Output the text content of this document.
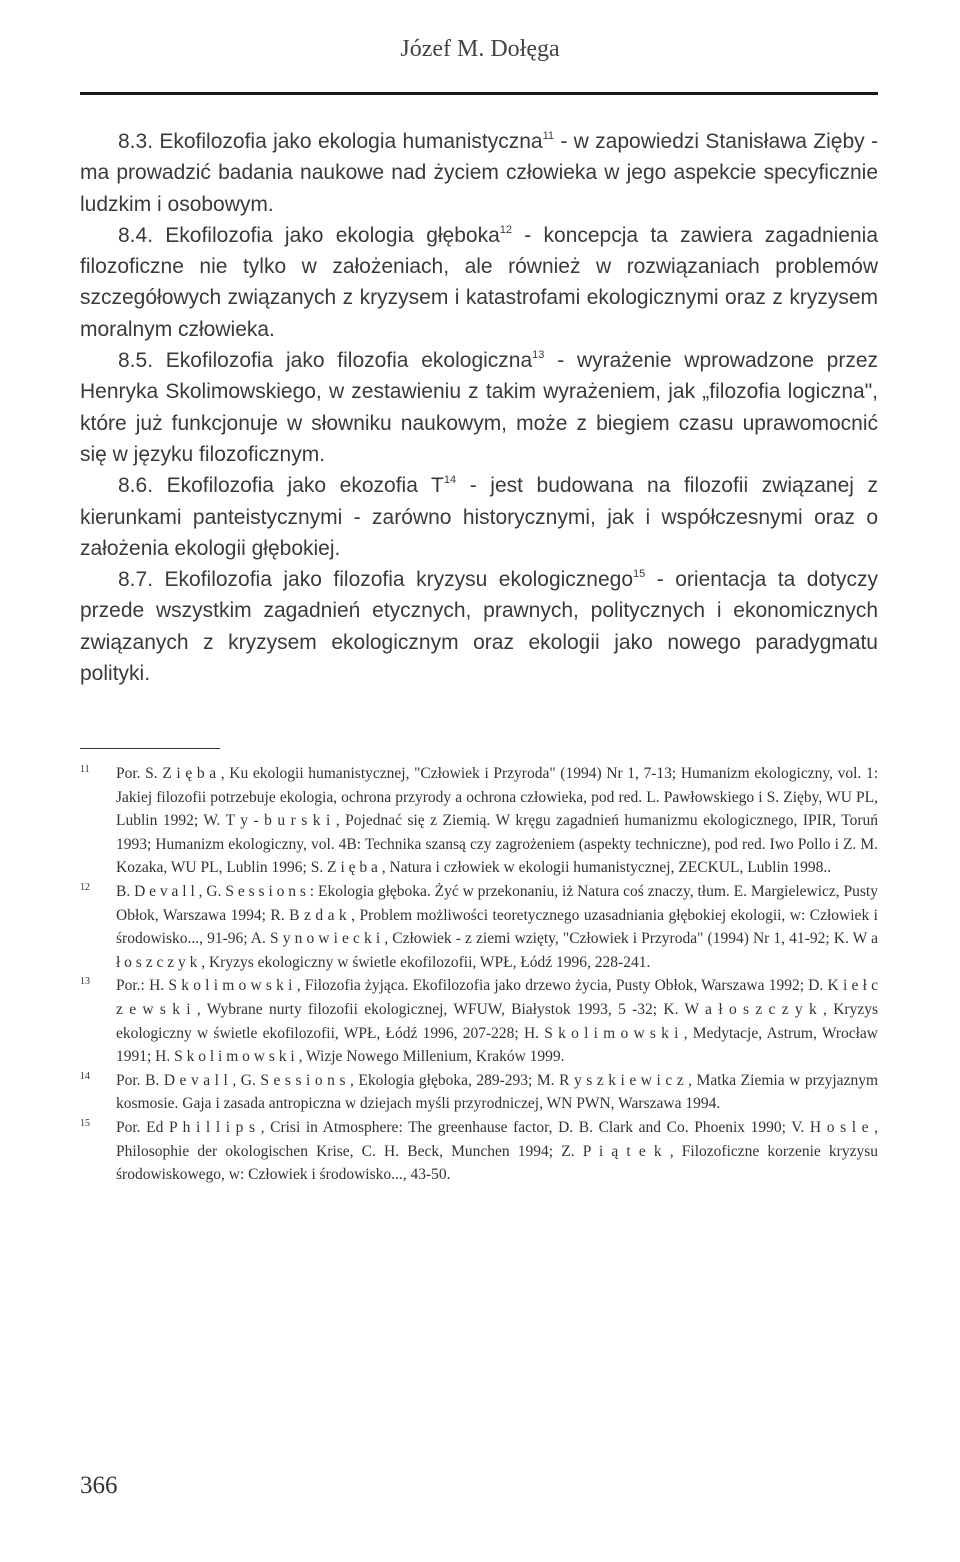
Józef M. Dołęga

8.3. Ekofilozofia jako ekologia humanistyczna$^{11}$ - w zapowiedzi Stanisława Zięby - ma prowadzić badania naukowe nad życiem człowieka w jego aspekcie specyficznie ludzkim i osobowym.

8.4. Ekofilozofia jako ekologia głęboka$^{12}$ - koncepcja ta zawiera zagadnienia filozoficzne nie tylko w założeniach, ale również w rozwiązaniach problemów szczegółowych związanych z kryzysem i katastrofami ekologicznymi oraz z kryzysem moralnym człowieka.

8.5. Ekofilozofia jako filozofia ekologiczna$^{13}$ - wyrażenie wprowadzone przez Henryka Skolimowskiego, w zestawieniu z takim wyrażeniem, jak „filozofia logiczna", które już funkcjonuje w słowniku naukowym, może z biegiem czasu uprawomocnić się w języku filozoficznym.

8.6. Ekofilozofia jako ekozofia $T^{14}$ - jest budowana na filozofii związanej z kierunkami panteistycznymi - zarówno historycznymi, jak i współczesnymi oraz o założenia ekologii głębokiej.

8.7. Ekofilozofia jako filozofia kryzysu ekologicznego$^{15}$ - orientacja ta dotyczy przede wszystkim zagadnień etycznych, prawnych, politycznych i ekonomicznych związanych z kryzysem ekologicznym oraz ekologii jako nowego paradygmatu polityki.

11	Por. S. Z i ę b a , Ku ekologii humanistycznej, "Człowiek i Przyroda" (1994) Nr 1, 7-13; Humanizm ekologiczny, vol. 1: Jakiej filozofii potrzebuje ekologia, ochrona przyrody a ochrona człowieka, pod red. L. Pawłowskiego i S. Zięby, WU PL, Lublin 1992; W. T y - b u r s k i , Pojednać się z Ziemią. W kręgu zagadnień humanizmu ekologicznego, IPIR, Toruń 1993; Humanizm ekologiczny, vol. 4B: Technika szansą czy zagrożeniem (aspekty techniczne), pod red. Iwo Pollo i Z. M. Kozaka, WU PL, Lublin 1996; S. Z i ę b a , Natura i człowiek w ekologii humanistycznej, ZECKUL, Lublin 1998..
12	B. D e v a l l , G. S e s s i o n s : Ekologia głęboka. Żyć w przekonaniu, iż Natura coś znaczy, tłum. E. Margielewicz, Pusty Obłok, Warszawa 1994; R. B z d a k , Problem możliwości teoretycznego uzasadniania głębokiej ekologii, w: Człowiek i środowisko..., 91-96; A. S y n o w i e c k i , Człowiek - z ziemi wzięty, "Człowiek i Przyroda" (1994) Nr 1, 41-92; K. W a ł o s z c z y k , Kryzys ekologiczny w świetle ekofilozofii, WPŁ, Łódź 1996, 228-241.
13	Por.: H. S k o l i m o w s k i , Filozofia żyjąca. Ekofilozofia jako drzewo życia, Pusty Obłok, Warszawa 1992; D. K i e ł c z e w s k i , Wybrane nurty filozofii ekologicznej, WFUW, Białystok 1993, 5 -32; K. W a ł o s z c z y k , Kryzys ekologiczny w świetle ekofilozofii, WPŁ, Łódź 1996, 207-228; H. S k o l i m o w s k i , Medytacje, Astrum, Wrocław 1991; H. S k o l i m o w s k i , Wizje Nowego Millenium, Kraków 1999.
14	Por. B. D e v a l l , G. S e s s i o n s , Ekologia głęboka, 289-293; M. R y s z k i e w i c z , Matka Ziemia w przyjaznym kosmosie. Gaja i zasada antropiczna w dziejach myśli przyrodniczej, WN PWN, Warszawa 1994.
15	Por. Ed P h i l l i p s , Crisi in Atmosphere: The greenhause factor, D. B. Clark and Co. Phoenix 1990; V. H o s l e , Philosophie der okologischen Krise, C. H. Beck, Munchen 1994; Z. P i ą t e k , Filozoficzne korzenie kryzysu środowiskowego, w: Człowiek i środowisko..., 43-50.
366
